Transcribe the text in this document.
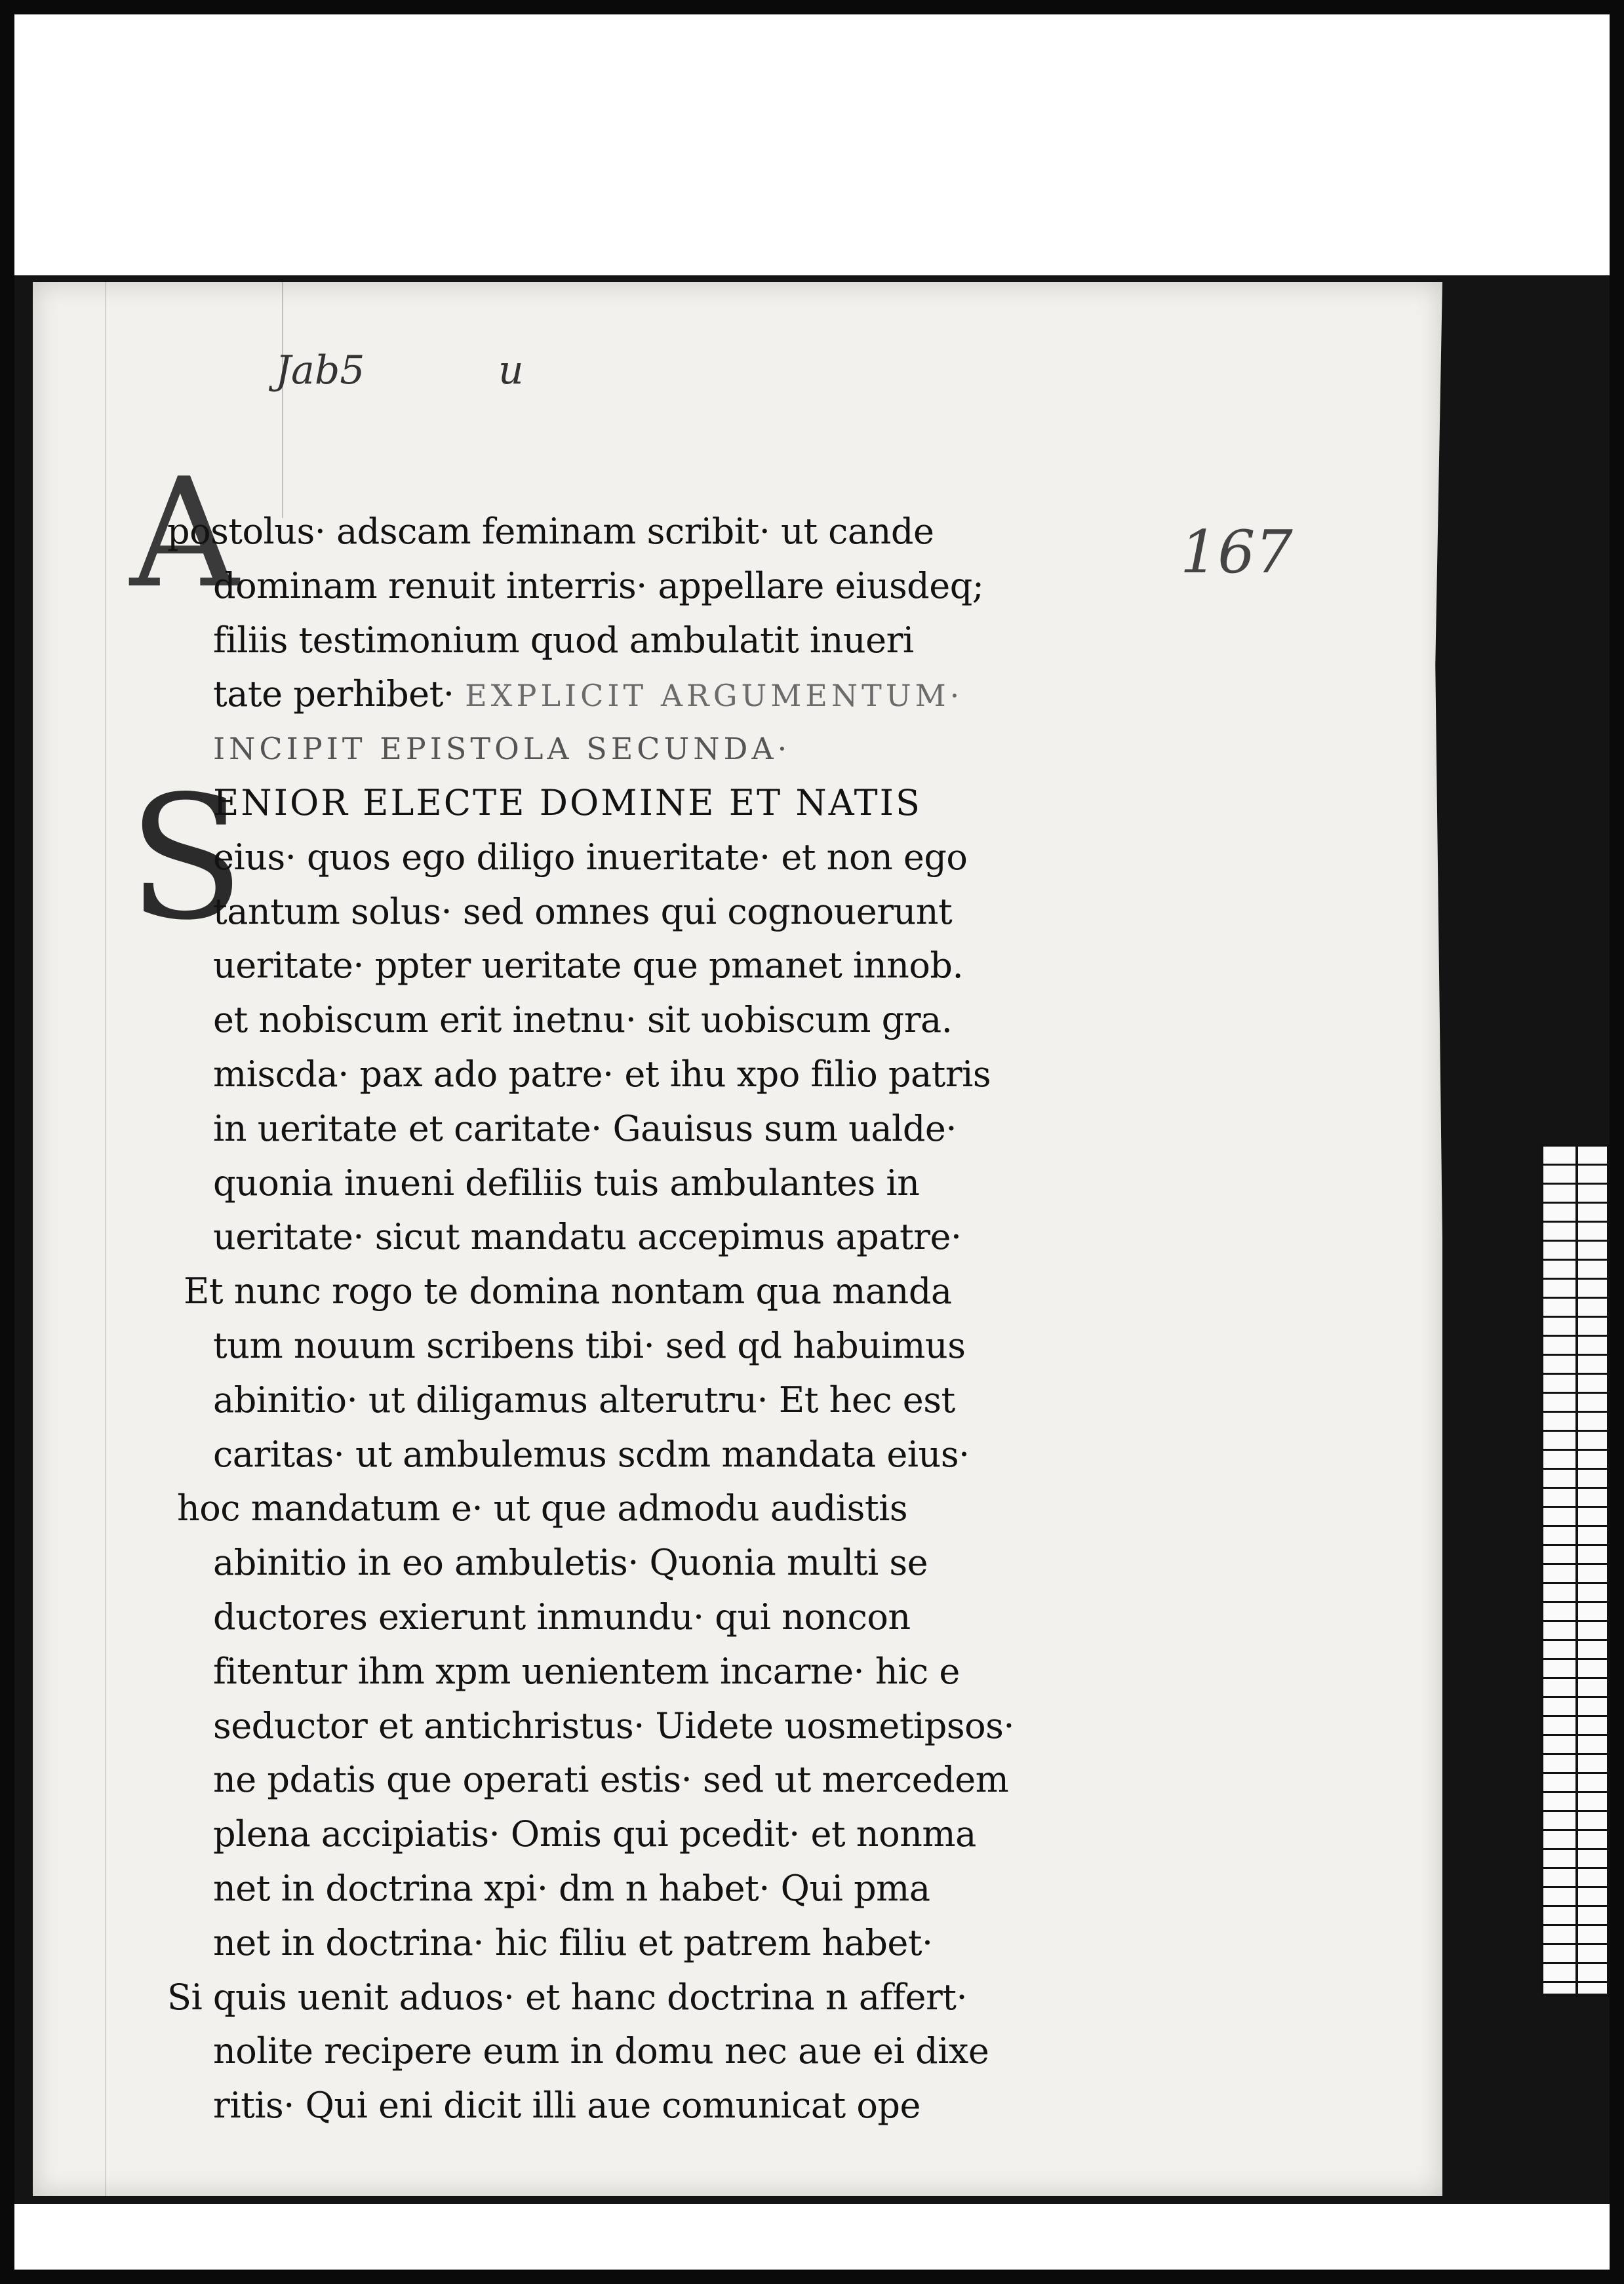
Jab5	u
167
A
S
postolus· adscam feminam scribit· ut cande
dominam renuit interris· appellare eiusdeq;
filiis testimonium quod ambulatit inueri
tate perhibet· EXPLICIT ARGUMENTUM·
INCIPIT EPISTOLA SECUNDA·
ENIOR ELECTE DOMINE ET NATIS
eius· quos ego diligo inueritate· et non ego
tantum solus· sed omnes qui cognouerunt
ueritate· ppter ueritate que pmanet innob.
et nobiscum erit inetnu· sit uobiscum gra.
miscda· pax ado patre· et ihu xpo filio patris
in ueritate et caritate· Gauisus sum ualde·
quonia inueni defiliis tuis ambulantes in
ueritate· sicut mandatu accepimus apatre·
Et nunc rogo te domina nontam qua manda
tum nouum scribens tibi· sed qd habuimus
abinitio· ut diligamus alterutru· Et hec est
caritas· ut ambulemus scdm mandata eius·
hoc mandatum e· ut que admodu audistis
abinitio in eo ambuletis· Quonia multi se
ductores exierunt inmundu· qui noncon
fitentur ihm xpm uenientem incarne· hic e
seductor et antichristus· Uidete uosmetipsos·
ne pdatis que operati estis· sed ut mercedem
plena accipiatis· Omis qui pcedit· et nonma
net in doctrina xpi· dm n habet· Qui pma
net in doctrina· hic filiu et patrem habet·
Si quis uenit aduos· et hanc doctrina n affert·
nolite recipere eum in domu nec aue ei dixe
ritis· Qui eni dicit illi aue comunicat ope
